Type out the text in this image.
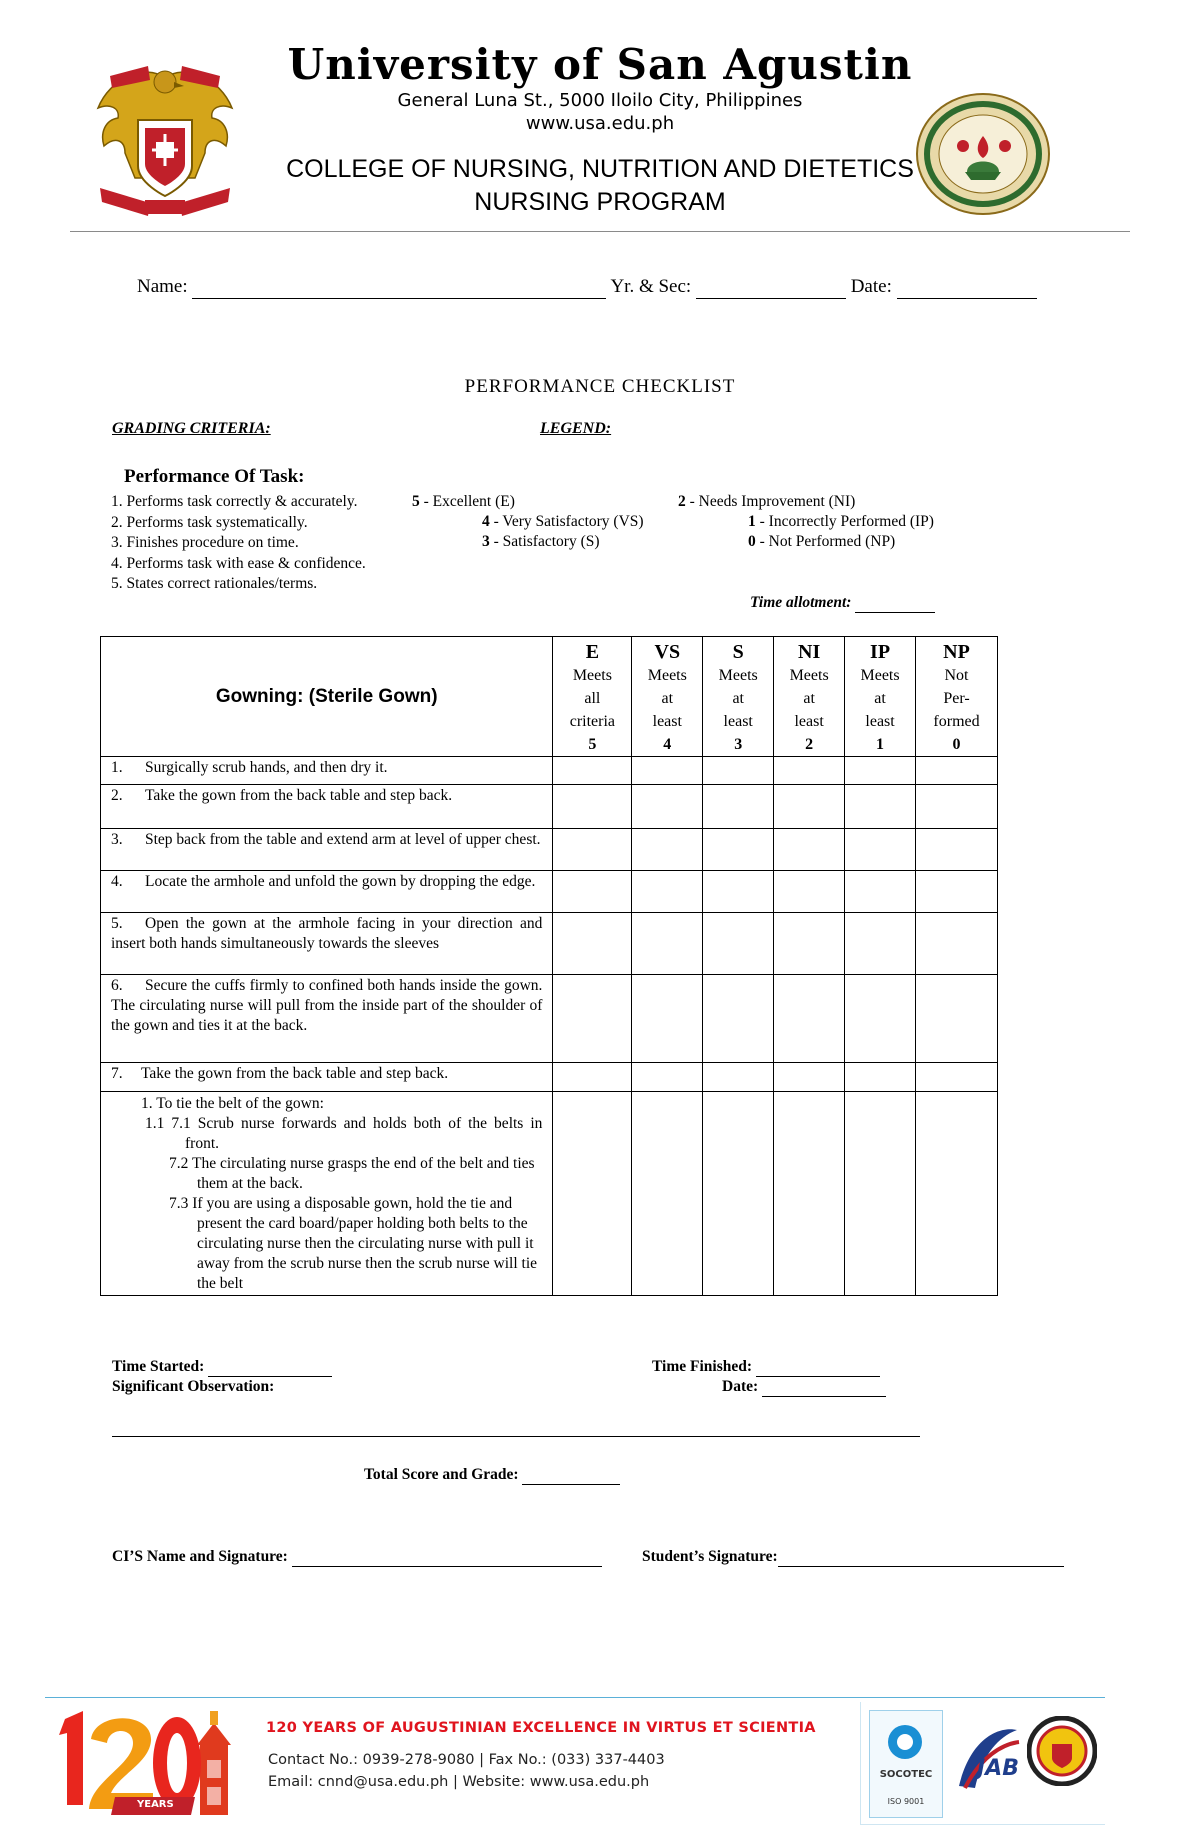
University of San Agustin
General Luna St., 5000 Iloilo City, Philippines
www.usa.edu.ph
COLLEGE OF NURSING, NUTRITION AND DIETETICS
NURSING PROGRAM
Name:	Yr. & Sec:	Date:
PERFORMANCE CHECKLIST
GRADING CRITERIA:	LEGEND:
Performance Of Task:
1. Performs task correctly & accurately.
2. Performs task systematically.
3. Finishes procedure on time.
4. Performs task with ease & confidence.
5. States correct rationales/terms.
5 - Excellent (E)
4 - Very Satisfactory (VS)
3 - Satisfactory (S)
2 - Needs Improvement (NI)
1 - Incorrectly Performed (IP)
0 - Not Performed (NP)
Time allotment:
Gowning: (Sterile Gown)	E
Meets
all
criteria
5	VS
Meets
at
least
4	S
Meets
at
least
3	NI
Meets
at
least
2	IP
Meets
at
least
1	NP
Not
Per-
formed
0

1. Surgically scrub hands, and then dry it.						
2. Take the gown from the back table and step back.						
3. Step back from the table and extend arm at level of upper chest.						
4. Locate the armhole and unfold the gown by dropping the edge.						
5. Open the gown at the armhole facing in your direction and insert both hands simultaneously towards the sleeves						
6. Secure the cuffs firmly to confined both hands inside the gown. The circulating nurse will pull from the inside part of the shoulder of the gown and ties it at the back.						
7. Take the gown from the back table and step back.						

1. To tie the belt of the gown:
1.1 7.1 Scrub nurse forwards and holds both of the belts in front.
7.2 The circulating nurse grasps the end of the belt and ties them at the back.
7.3 If you are using a disposable gown, hold the tie and present the card board/paper holding both belts to the circulating nurse then the circulating nurse with pull it away from the scrub nurse then the scrub nurse will tie the belt						

Time Started:	Time Finished:
Significant Observation:	Date:
Total Score and Grade:
CI’S Name and Signature:	Student’s Signature:
YEARS
120 YEARS OF AUGUSTINIAN EXCELLENCE IN VIRTUS ET SCIENTIA
Contact No.: 0939-278-9080 | Fax No.: (033) 337-4403
Email: cnnd@usa.edu.ph | Website: www.usa.edu.ph	SOCOTEC
ISO 9001
JAB
